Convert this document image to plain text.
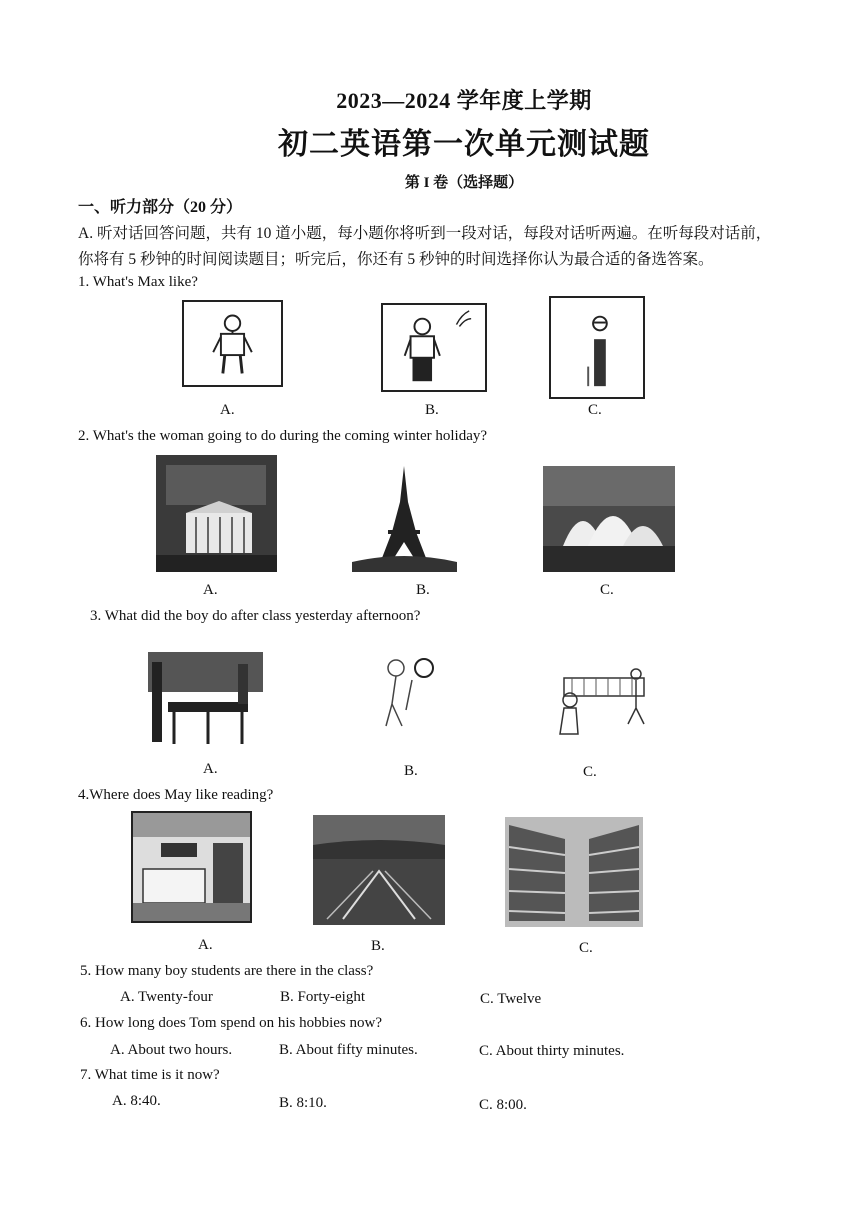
2023—2024 学年度上学期
初二英语第一次单元测试题
第 I 卷（选择题）
一、听力部分（20 分）
A. 听对话回答问题，共有 10 道小题，每小题你将听到一段对话，每段对话听两遍。在听每段对话前，
你将有 5 秒钟的时间阅读题目；听完后，你还有 5 秒钟的时间选择你认为最合适的备选答案。
1. What's Max like?
A.	B.	C.
2. What's the woman going to do during the coming winter holiday?
A.	B.	C.
3. What did the boy do after class yesterday afternoon?
A.	B.	C.
4.Where does May like reading?
A.	B.	C.
5. How many boy students are there in the class?
A. Twenty-four	B. Forty-eight	C. Twelve
6. How long does Tom spend on his hobbies now?
A. About two hours.	B. About fifty minutes.	C. About thirty minutes.
7. What time is it now?
A. 8:40.	B. 8:10.	C. 8:00.
